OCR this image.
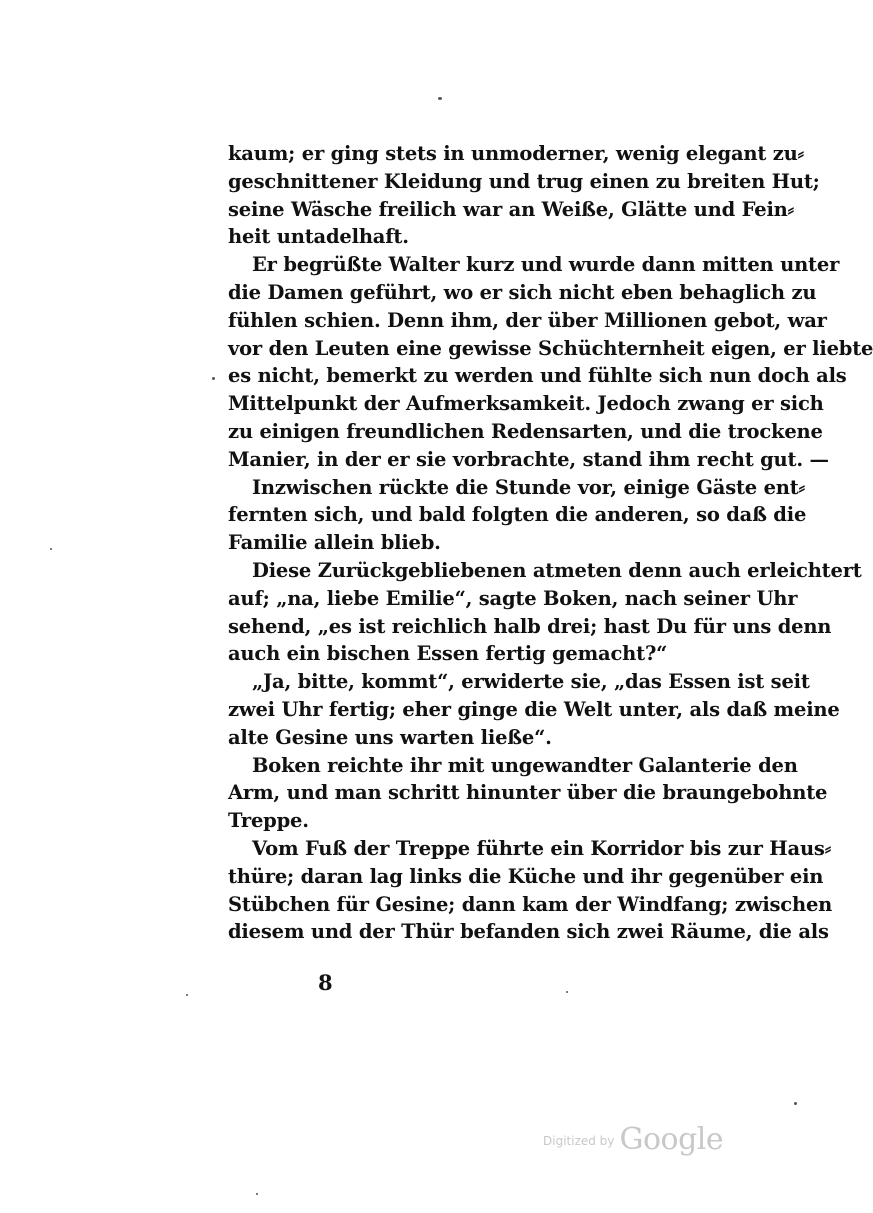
kaum; er ging stets in unmoderner, wenig elegant zu⸗
geschnittener Kleidung und trug einen zu breiten Hut;
seine Wäsche freilich war an Weiße, Glätte und Fein⸗
heit untadelhaft.
Er begrüßte Walter kurz und wurde dann mitten unter
die Damen geführt, wo er sich nicht eben behaglich zu
fühlen schien. Denn ihm, der über Millionen gebot, war
vor den Leuten eine gewisse Schüchternheit eigen, er liebte
es nicht, bemerkt zu werden und fühlte sich nun doch als
Mittelpunkt der Aufmerksamkeit. Jedoch zwang er sich
zu einigen freundlichen Redensarten, und die trockene
Manier, in der er sie vorbrachte, stand ihm recht gut. —
Inzwischen rückte die Stunde vor, einige Gäste ent⸗
fernten sich, und bald folgten die anderen, so daß die
Familie allein blieb.
Diese Zurückgebliebenen atmeten denn auch erleichtert
auf; „na, liebe Emilie“, sagte Boken, nach seiner Uhr
sehend, „es ist reichlich halb drei; hast Du für uns denn
auch ein bischen Essen fertig gemacht?“
„Ja, bitte, kommt“, erwiderte sie, „das Essen ist seit
zwei Uhr fertig; eher ginge die Welt unter, als daß meine
alte Gesine uns warten ließe“.
Boken reichte ihr mit ungewandter Galanterie den
Arm, und man schritt hinunter über die braungebohnte
Treppe.
Vom Fuß der Treppe führte ein Korridor bis zur Haus⸗
thüre; daran lag links die Küche und ihr gegenüber ein
Stübchen für Gesine; dann kam der Windfang; zwischen
diesem und der Thür befanden sich zwei Räume, die als
8
$^{Digitized by}$ Google
